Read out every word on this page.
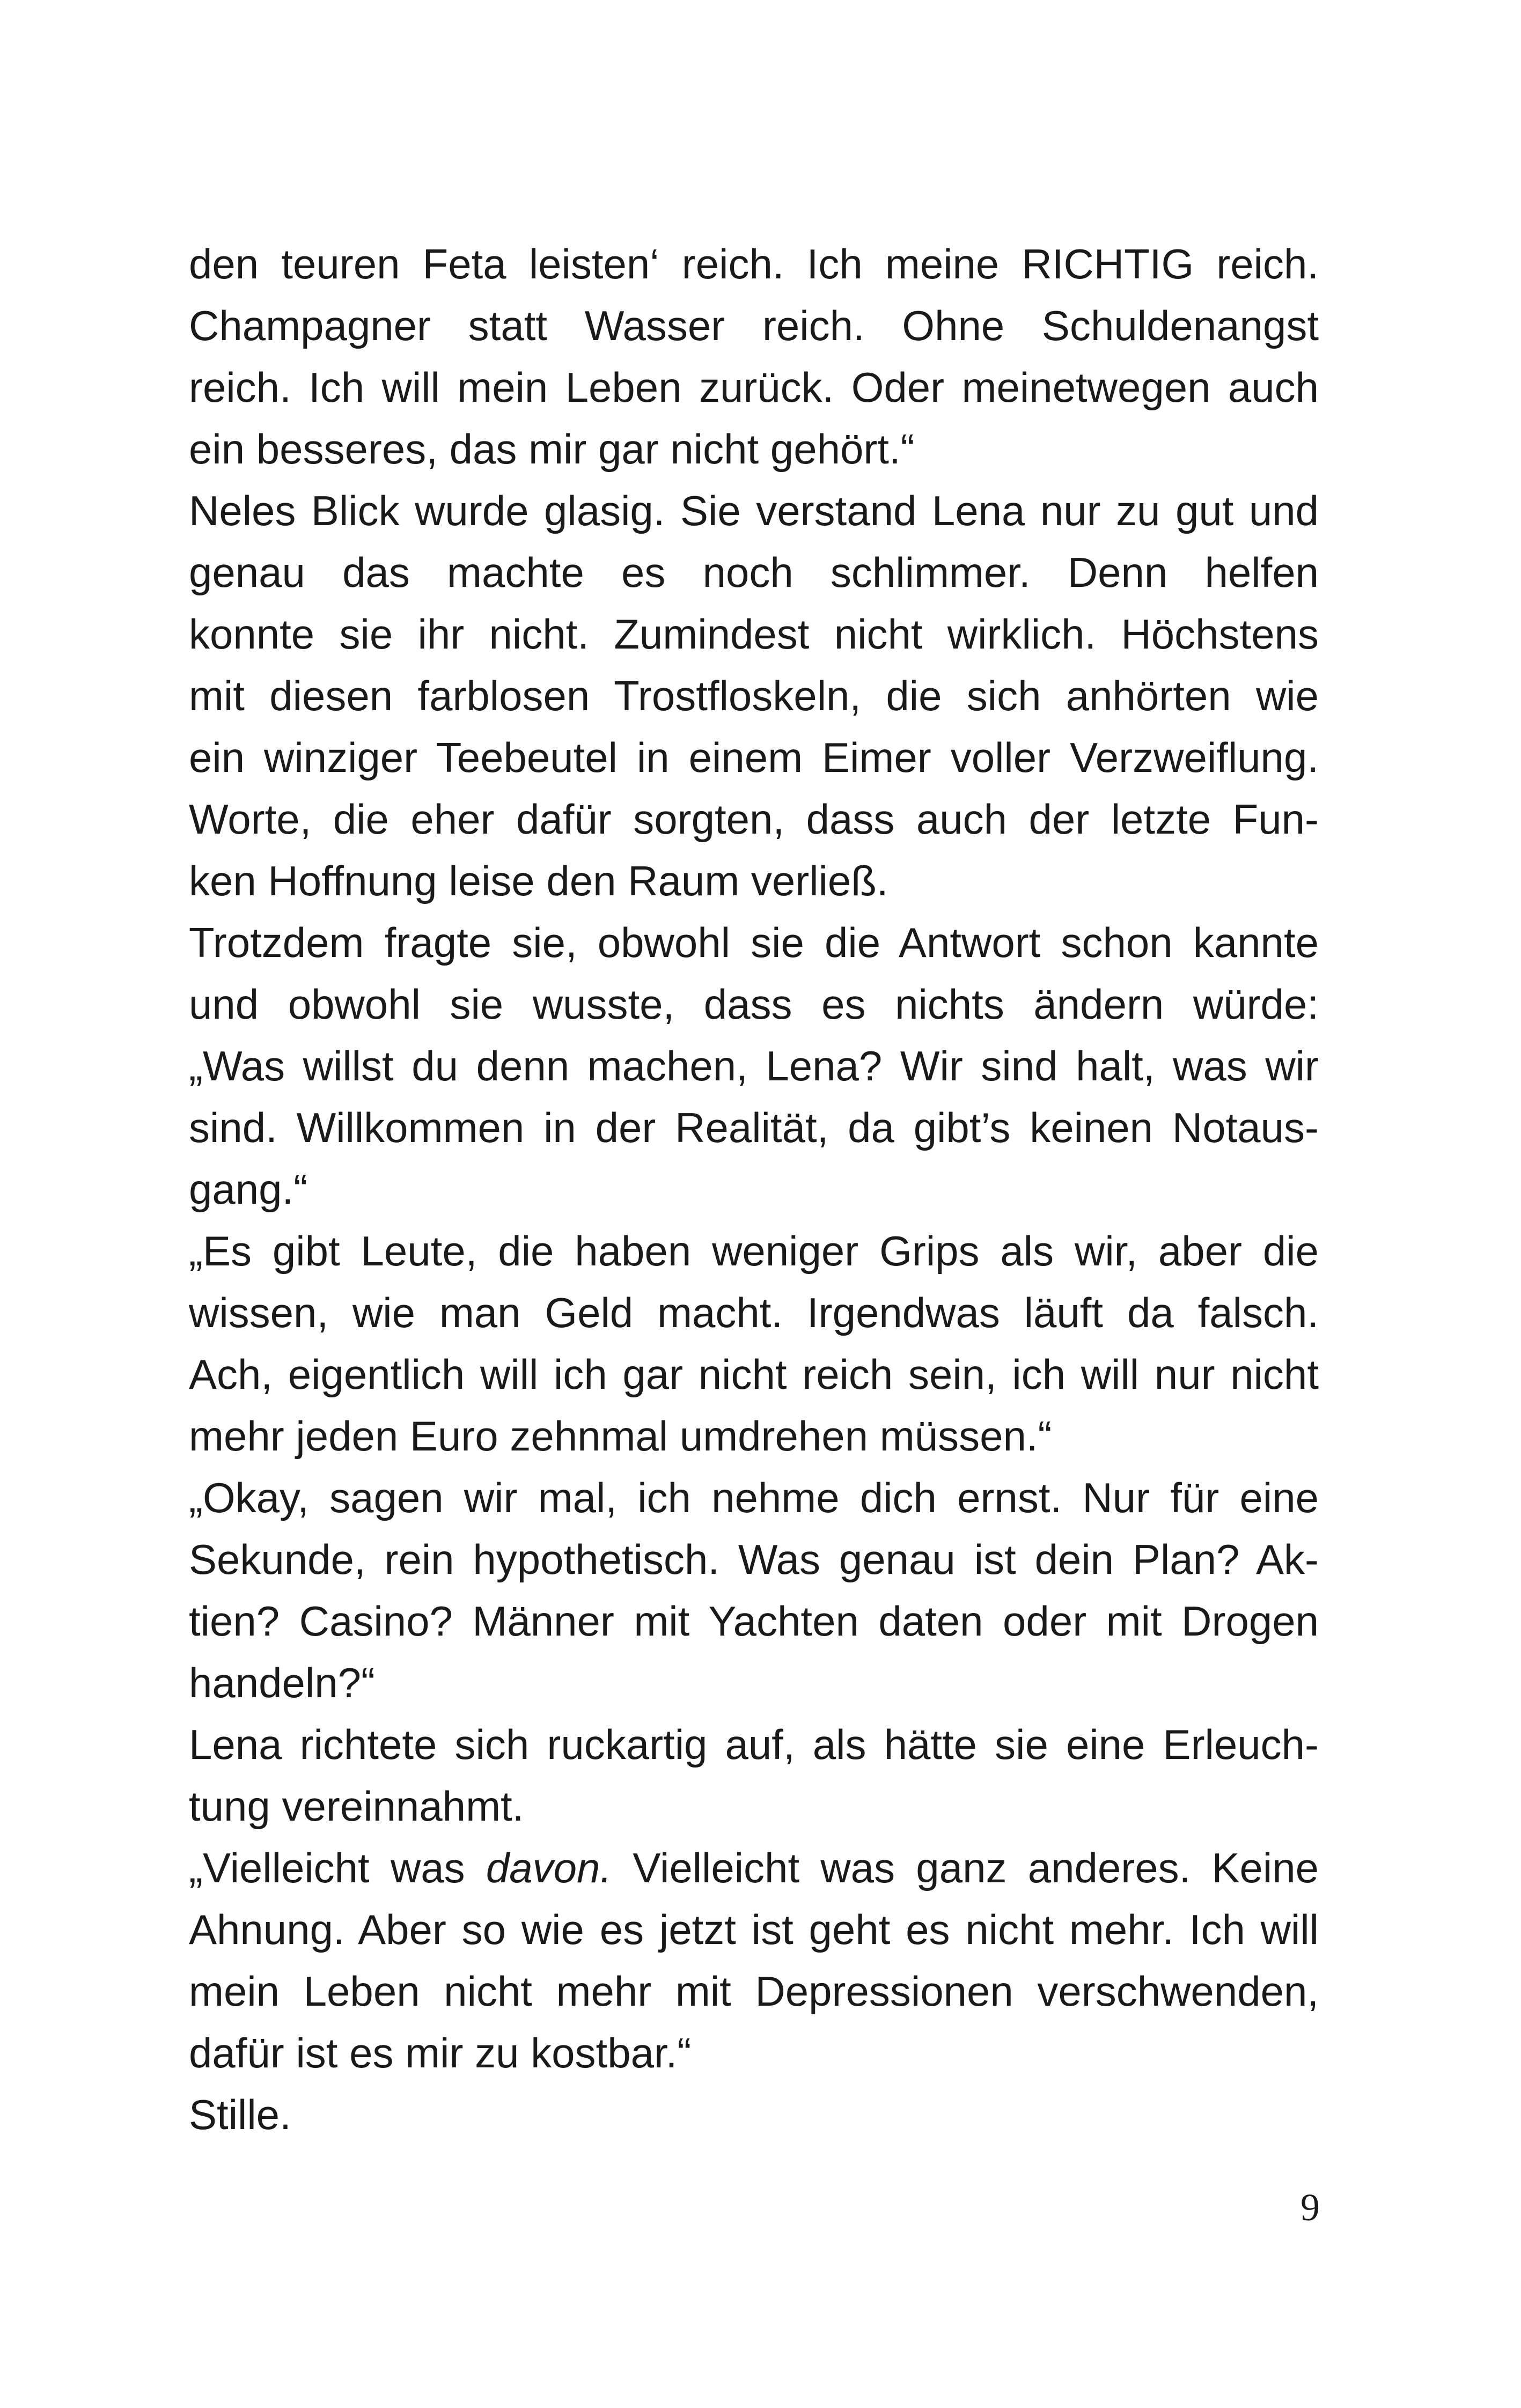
den teuren Feta leisten‘ reich. Ich meine RICHTIG reich.
Champagner statt Wasser reich. Ohne Schuldenangst
reich. Ich will mein Leben zurück. Oder meinetwegen auch
ein besseres, das mir gar nicht gehört.“
Neles Blick wurde glasig. Sie verstand Lena nur zu gut und
genau das machte es noch schlimmer. Denn helfen
konnte sie ihr nicht. Zumindest nicht wirklich. Höchstens
mit diesen farblosen Trostfloskeln, die sich anhörten wie
ein winziger Teebeutel in einem Eimer voller Verzweiflung.
Worte, die eher dafür sorgten, dass auch der letzte Fun-
ken Hoffnung leise den Raum verließ.
Trotzdem fragte sie, obwohl sie die Antwort schon kannte
und obwohl sie wusste, dass es nichts ändern würde:
„Was willst du denn machen, Lena? Wir sind halt, was wir
sind. Willkommen in der Realität, da gibt’s keinen Notaus-
gang.“
„Es gibt Leute, die haben weniger Grips als wir, aber die
wissen, wie man Geld macht. Irgendwas läuft da falsch.
Ach, eigentlich will ich gar nicht reich sein, ich will nur nicht
mehr jeden Euro zehnmal umdrehen müssen.“
„Okay, sagen wir mal, ich nehme dich ernst. Nur für eine
Sekunde, rein hypothetisch. Was genau ist dein Plan? Ak-
tien? Casino? Männer mit Yachten daten oder mit Drogen
handeln?“
Lena richtete sich ruckartig auf, als hätte sie eine Erleuch-
tung vereinnahmt.
„Vielleicht was davon. Vielleicht was ganz anderes. Keine
Ahnung. Aber so wie es jetzt ist geht es nicht mehr. Ich will
mein Leben nicht mehr mit Depressionen verschwenden,
dafür ist es mir zu kostbar.“
Stille.
9
